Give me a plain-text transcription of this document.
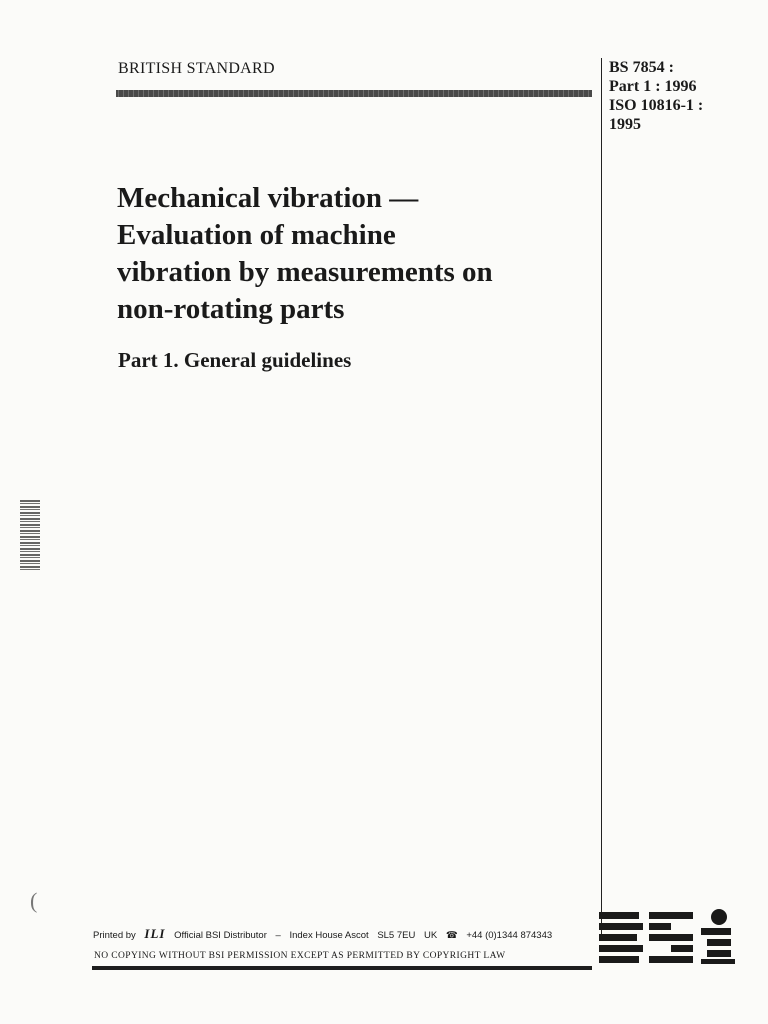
BRITISH STANDARD	BS 7854 :
Part 1 : 1996
ISO 10816-1 :
1995
Mechanical vibration —
Evaluation of machine
vibration by measurements on
non-rotating parts
Part 1. General guidelines
(
Printed by ILI Official BSI Distributor – Index House Ascot SL5 7EU UK ☎ +44 (0)1344 874343
NO COPYING WITHOUT BSI PERMISSION EXCEPT AS PERMITTED BY COPYRIGHT LAW
